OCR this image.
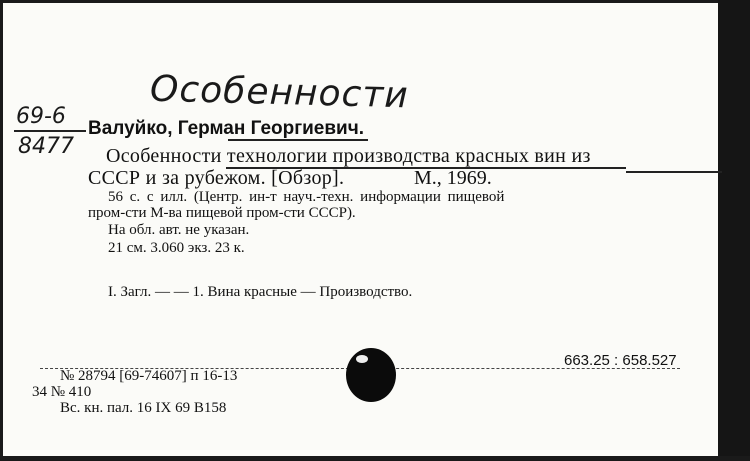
Особенности
69-6
8477
Валуйко, Герман Георгиевич.
Особенности технологии производства красных вин из
СССР и за рубежом. [Обзор].	М., 1969.
56 с. с илл. (Центр. ин-т науч.-техн. информации пищевой
пром-сти М-ва пищевой пром-сти СССР).
На обл. авт. не указан.
21 см. 3.060 экз. 23 к.
I. Загл. — — 1. Вина красные — Производство.
663.25 : 658.527
№ 28794 [69-74607] п 16-13
34 № 410
Вс. кн. пал. 16 IX 69 В158
